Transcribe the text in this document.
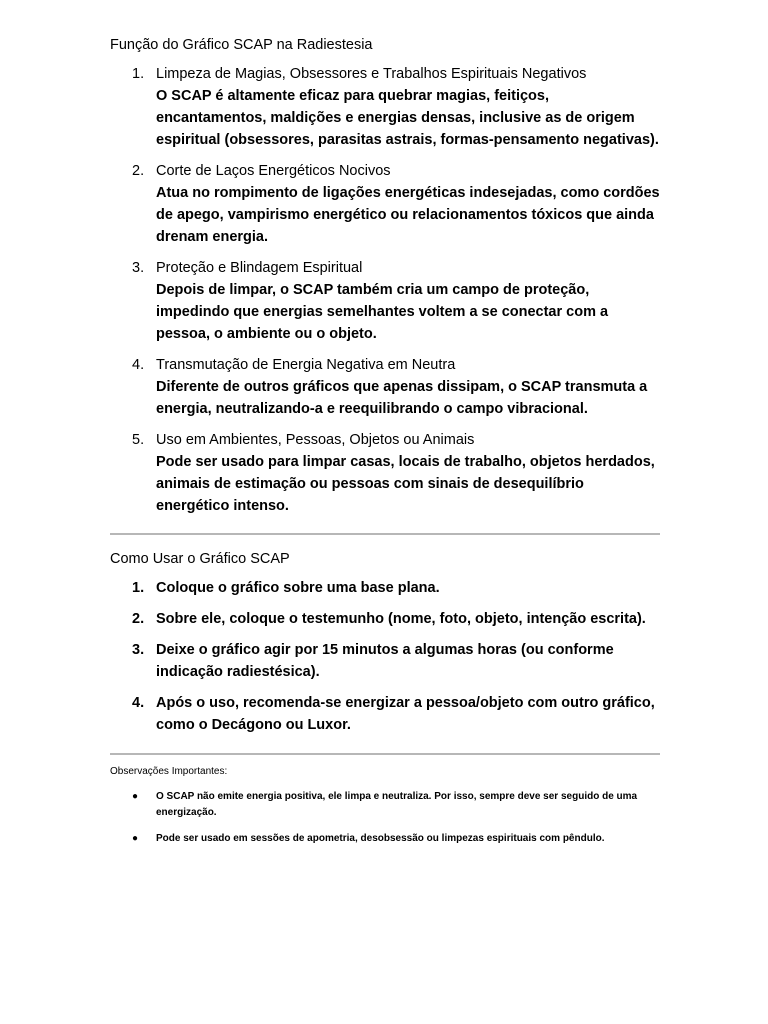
Função do Gráfico SCAP na Radiestesia
1. Limpeza de Magias, Obsessores e Trabalhos Espirituais Negativos
O SCAP é altamente eficaz para quebrar magias, feitiços, encantamentos, maldições e energias densas, inclusive as de origem espiritual (obsessores, parasitas astrais, formas-pensamento negativas).
2. Corte de Laços Energéticos Nocivos
Atua no rompimento de ligações energéticas indesejadas, como cordões de apego, vampirismo energético ou relacionamentos tóxicos que ainda drenam energia.
3. Proteção e Blindagem Espiritual
Depois de limpar, o SCAP também cria um campo de proteção, impedindo que energias semelhantes voltem a se conectar com a pessoa, o ambiente ou o objeto.
4. Transmutação de Energia Negativa em Neutra
Diferente de outros gráficos que apenas dissipam, o SCAP transmuta a energia, neutralizando-a e reequilibrando o campo vibracional.
5. Uso em Ambientes, Pessoas, Objetos ou Animais
Pode ser usado para limpar casas, locais de trabalho, objetos herdados, animais de estimação ou pessoas com sinais de desequilíbrio energético intenso.
Como Usar o Gráfico SCAP
1. Coloque o gráfico sobre uma base plana.
2. Sobre ele, coloque o testemunho (nome, foto, objeto, intenção escrita).
3. Deixe o gráfico agir por 15 minutos a algumas horas (ou conforme indicação radiestésica).
4. Após o uso, recomenda-se energizar a pessoa/objeto com outro gráfico, como o Decágono ou Luxor.

Observações Importantes:

● O SCAP não emite energia positiva, ele limpa e neutraliza. Por isso, sempre deve ser seguido de uma energização.
● Pode ser usado em sessões de apometria, desobsessão ou limpezas espirituais com pêndulo.
